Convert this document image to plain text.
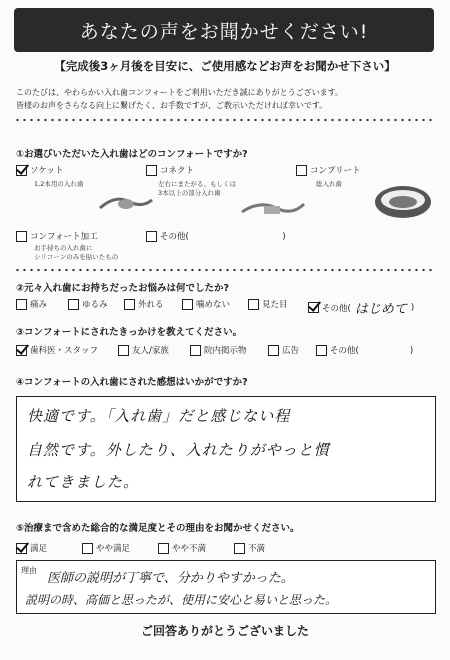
あなたの声をお聞かせください!
【完成後3ヶ月後を目安に、ご使用感などお声をお聞かせ下さい】
このたびは、やわらかい入れ歯コンフォートをご利用いただき誠にありがとうございます。
皆様のお声をさらなる向上に繋げたく、お手数ですが、ご教示いただければ幸いです。
①お選びいただいた入れ歯はどのコンフォートですか?
ソケット
1,2本用の入れ歯
コネクト
左右にまたがる、もしくは
3本以上の部分入れ歯
コンプリート
総入れ歯
コンフォート加工
お手持ちの入れ歯に
シリコーンのみを貼いたもの
その他(　　　　　　　　　　　)
②元々入れ歯にお持ちだったお悩みは何でしたか?
痛み	ゆるみ	外れる	噛めない	見た目	その他( はじめて )
③コンフォートにされたきっかけを教えてください。
歯科医・スタッフ	友人/家族	院内掲示物	広告	その他(　　　　　　)
④コンフォートの入れ歯にされた感想はいかがですか?
快適です。「入れ歯」だと感じない程
自然です。外したり、入れたりがやっと慣
れてきました。
⑤治療まで含めた総合的な満足度とその理由をお聞かせください。
満足	やや満足	やや不満	不満
理由
医師の説明が丁寧で、分かりやすかった。
説明の時、高価と思ったが、使用に安心と易いと思った。
ご回答ありがとうございました
